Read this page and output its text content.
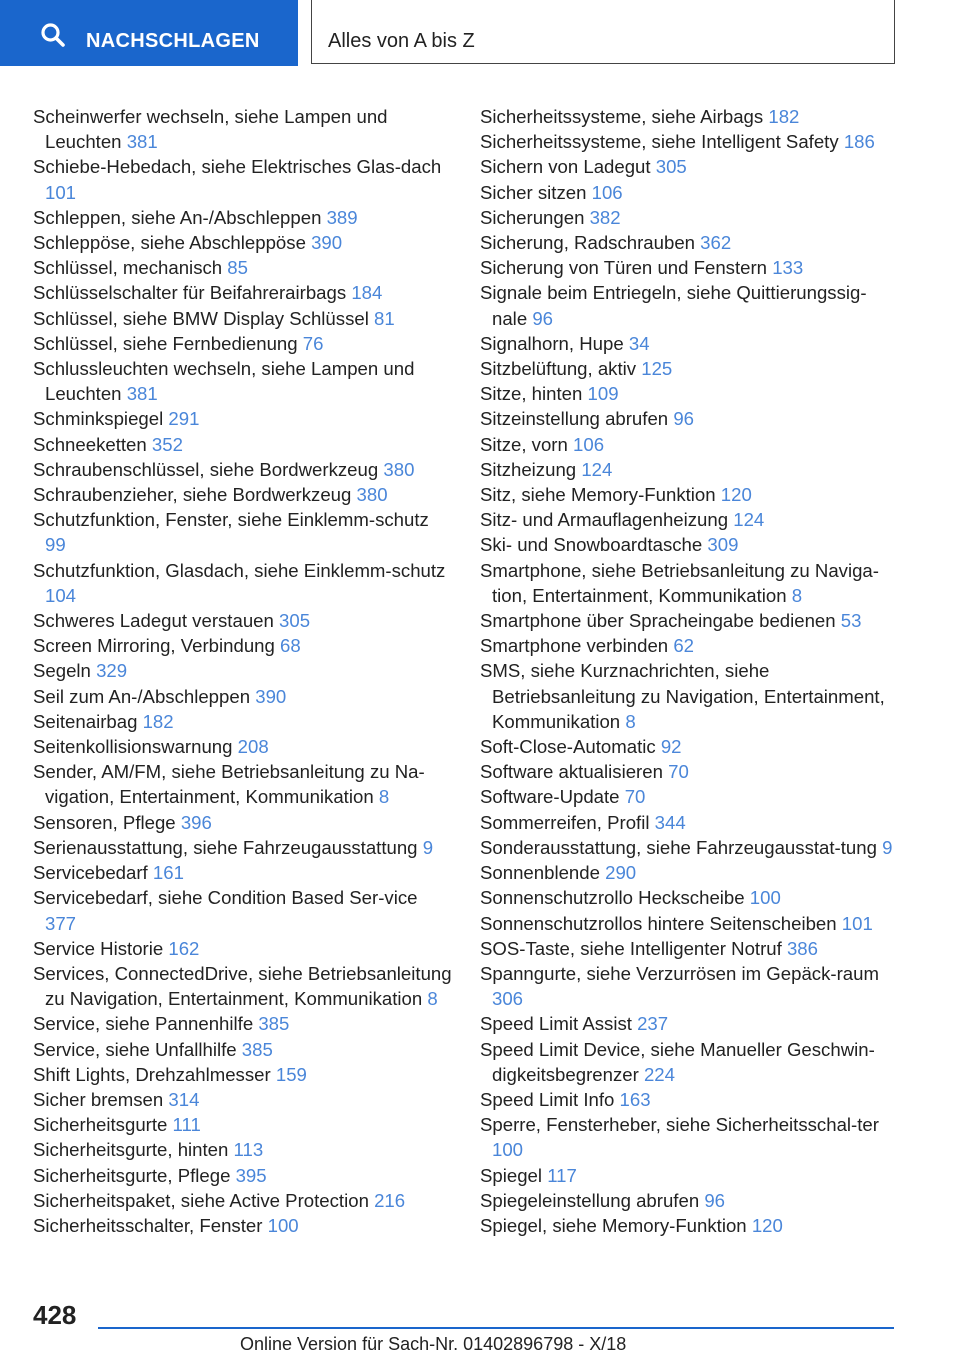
NACHSCHLAGEN	Alles von A bis Z
Scheinwerfer wechseln, siehe Lampen und Leuchten 381
Schiebe-Hebedach, siehe Elektrisches Glas-dach 101
Schleppen, siehe An-/Abschleppen 389
Schleppöse, siehe Abschleppöse 390
Schlüssel, mechanisch 85
Schlüsselschalter für Beifahrerairbags 184
Schlüssel, siehe BMW Display Schlüssel 81
Schlüssel, siehe Fernbedienung 76
Schlussleuchten wechseln, siehe Lampen und Leuchten 381
Schminkspiegel 291
Schneeketten 352
Schraubenschlüssel, siehe Bordwerkzeug 380
Schraubenzieher, siehe Bordwerkzeug 380
Schutzfunktion, Fenster, siehe Einklemm-schutz 99
Schutzfunktion, Glasdach, siehe Einklemm-schutz 104
Schweres Ladegut verstauen 305
Screen Mirroring, Verbindung 68
Segeln 329
Seil zum An-/Abschleppen 390
Seitenairbag 182
Seitenkollisionswarnung 208
Sender, AM/FM, siehe Betriebsanleitung zu Na-vigation, Entertainment, Kommunikation 8
Sensoren, Pflege 396
Serienausstattung, siehe Fahrzeugausstattung 9
Servicebedarf 161
Servicebedarf, siehe Condition Based Ser-vice 377
Service Historie 162
Services, ConnectedDrive, siehe Betriebsanleitung zu Navigation, Entertainment, Kommunikation 8
Service, siehe Pannenhilfe 385
Service, siehe Unfallhilfe 385
Shift Lights, Drehzahlmesser 159
Sicher bremsen 314
Sicherheitsgurte 111
Sicherheitsgurte, hinten 113
Sicherheitsgurte, Pflege 395
Sicherheitspaket, siehe Active Protection 216
Sicherheitsschalter, Fenster 100
Sicherheitssysteme, siehe Airbags 182
Sicherheitssysteme, siehe Intelligent Safety 186
Sichern von Ladegut 305
Sicher sitzen 106
Sicherungen 382
Sicherung, Radschrauben 362
Sicherung von Türen und Fenstern 133
Signale beim Entriegeln, siehe Quittierungssig-nale 96
Signalhorn, Hupe 34
Sitzbelüftung, aktiv 125
Sitze, hinten 109
Sitzeinstellung abrufen 96
Sitze, vorn 106
Sitzheizung 124
Sitz, siehe Memory-Funktion 120
Sitz- und Armauflagenheizung 124
Ski- und Snowboardtasche 309
Smartphone, siehe Betriebsanleitung zu Naviga-tion, Entertainment, Kommunikation 8
Smartphone über Spracheingabe bedienen 53
Smartphone verbinden 62
SMS, siehe Kurznachrichten, siehe Betriebsanleitung zu Navigation, Entertainment, Kommunikation 8
Soft-Close-Automatic 92
Software aktualisieren 70
Software-Update 70
Sommerreifen, Profil 344
Sonderausstattung, siehe Fahrzeugausstat-tung 9
Sonnenblende 290
Sonnenschutzrollo Heckscheibe 100
Sonnenschutzrollos hintere Seitenscheiben 101
SOS-Taste, siehe Intelligenter Notruf 386
Spanngurte, siehe Verzurrösen im Gepäck-raum 306
Speed Limit Assist 237
Speed Limit Device, siehe Manueller Geschwin-digkeitsbegrenzer 224
Speed Limit Info 163
Sperre, Fensterheber, siehe Sicherheitsschal-ter 100
Spiegel 117
Spiegeleinstellung abrufen 96
Spiegel, siehe Memory-Funktion 120
428
Online Version für Sach-Nr. 01402896798 - X/18
